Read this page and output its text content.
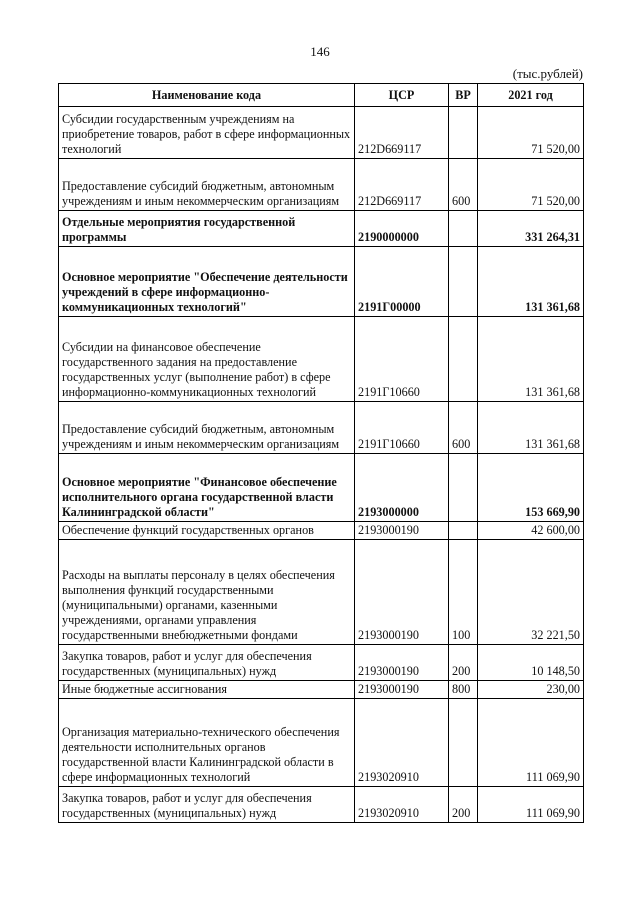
146
(тыс.рублей)
Наименование кода	ЦСР	ВР	2021 год
Субсидии государственным учреждениям на приобретение товаров, работ в сфере информационных технологий	212D669117		71 520,00
Предоставление субсидий бюджетным, автономным учреждениям и иным некоммерческим организациям	212D669117	600	71 520,00
Отдельные мероприятия государственной программы	2190000000		331 264,31
Основное мероприятие "Обеспечение деятельности учреждений в сфере информационно-коммуникационных технологий"	2191Г00000		131 361,68
Субсидии на финансовое обеспечение государственного задания на предоставление государственных услуг (выполнение работ) в сфере информационно-коммуникационных технологий	2191Г10660		131 361,68
Предоставление субсидий бюджетным, автономным учреждениям и иным некоммерческим организациям	2191Г10660	600	131 361,68
Основное мероприятие "Финансовое обеспечение исполнительного органа государственной власти Калининградской области"	2193000000		153 669,90
Обеспечение функций государственных органов	2193000190		42 600,00
Расходы на выплаты персоналу в целях обеспечения выполнения функций государственными (муниципальными) органами, казенными учреждениями, органами управления государственными внебюджетными фондами	2193000190	100	32 221,50
Закупка товаров, работ и услуг для обеспечения государственных (муниципальных) нужд	2193000190	200	10 148,50
Иные бюджетные ассигнования	2193000190	800	230,00
Организация материально-технического обеспечения деятельности исполнительных органов государственной власти Калининградской области в сфере информационных технологий	2193020910		111 069,90
Закупка товаров, работ и услуг для обеспечения государственных (муниципальных) нужд	2193020910	200	111 069,90
